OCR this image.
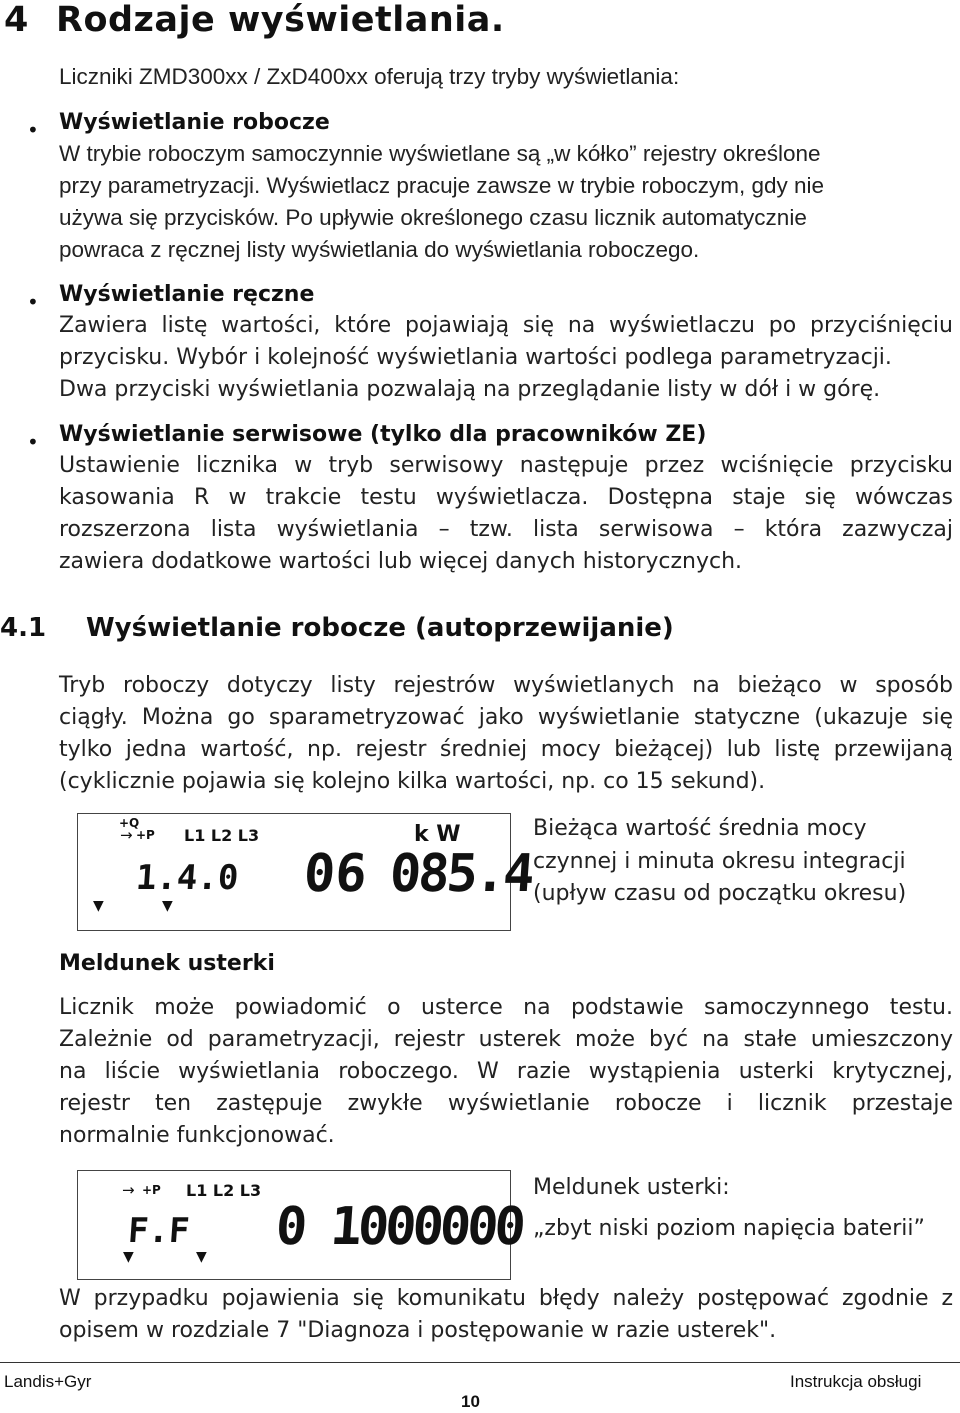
4 Rodzaje wyświetlania.
Liczniki ZMD300xx / ZxD400xx oferują trzy tryby wyświetlania:
• Wyświetlanie robocze
W trybie roboczym samoczynnie wyświetlane są „w kółko” rejestry określone
przy parametryzacji. Wyświetlacz pracuje zawsze w trybie roboczym, gdy nie
używa się przycisków. Po upływie określonego czasu licznik automatycznie
powraca z ręcznej listy wyświetlania do wyświetlania roboczego.
• Wyświetlanie ręczne
Zawiera listę wartości, które pojawiają się na wyświetlaczu po przyciśnięciu
przycisku. Wybór i kolejność wyświetlania wartości podlega parametryzacji.
Dwa przyciski wyświetlania pozwalają na przeglądanie listy w dół i w górę.
• Wyświetlanie serwisowe (tylko dla pracowników ZE)
Ustawienie licznika w tryb serwisowy następuje przez wciśnięcie przycisku
kasowania R w trakcie testu wyświetlacza. Dostępna staje się wówczas
rozszerzona lista wyświetlania – tzw. lista serwisowa – która zazwyczaj
zawiera dodatkowe wartości lub więcej danych historycznych.
4.1 Wyświetlanie robocze (autoprzewijanie)
Tryb roboczy dotyczy listy rejestrów wyświetlanych na bieżąco w sposób
ciągły. Można go sparametryzować jako wyświetlanie statyczne (ukazuje się
tylko jedna wartość, np. rejestr średniej mocy bieżącej) lub listę przewijaną
(cyklicznie pojawia się kolejno kilka wartości, np. co 15 sekund).
+Q
→ +P L1 L2 L3	k W
1.4.0 06 085.4
▼	▼
Bieżąca wartość średnia mocy
czynnej i minuta okresu integracji
(upływ czasu od początku okresu)
Meldunek usterki
Licznik może powiadomić o usterce na podstawie samoczynnego testu.
Zależnie od parametryzacji, rejestr usterek może być na stałe umieszczony
na liście wyświetlania roboczego. W razie wystąpienia usterki krytycznej,
rejestr ten zastępuje zwykłe wyświetlanie robocze i licznik przestaje
normalnie funkcjonować.
→ +P L1 L2 L3
F.F 0 1000000
▼	▼
Meldunek usterki:
„zbyt niski poziom napięcia baterii”
W przypadku pojawienia się komunikatu błędy należy postępować zgodnie z
opisem w rozdziale 7 "Diagnoza i postępowanie w razie usterek".
Landis+Gyr	Instrukcja obsługi
10
